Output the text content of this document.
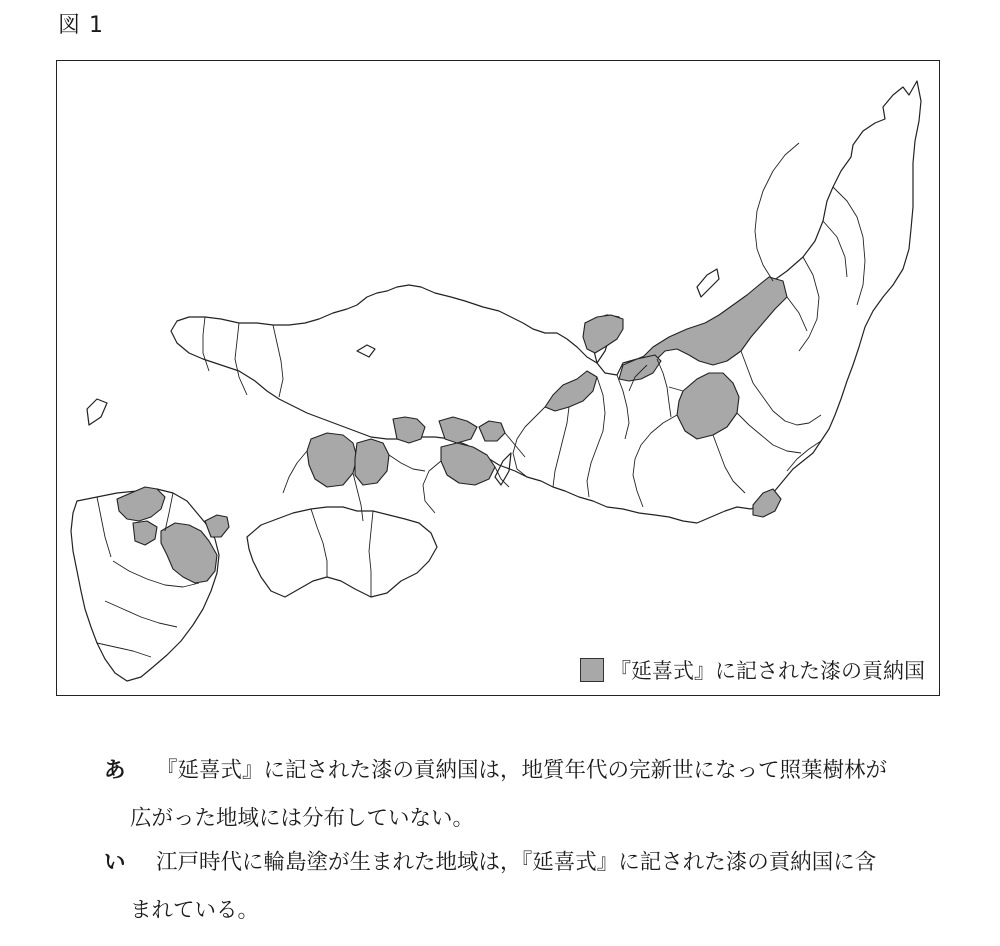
図 1
『延喜式』に記された漆の貢納国
あ 『延喜式』に記された漆の貢納国は，地質年代の完新世になって照葉樹林が
広がった地域には分布していない。
い 江戸時代に輪島塗が生まれた地域は，『延喜式』に記された漆の貢納国に含
まれている。
